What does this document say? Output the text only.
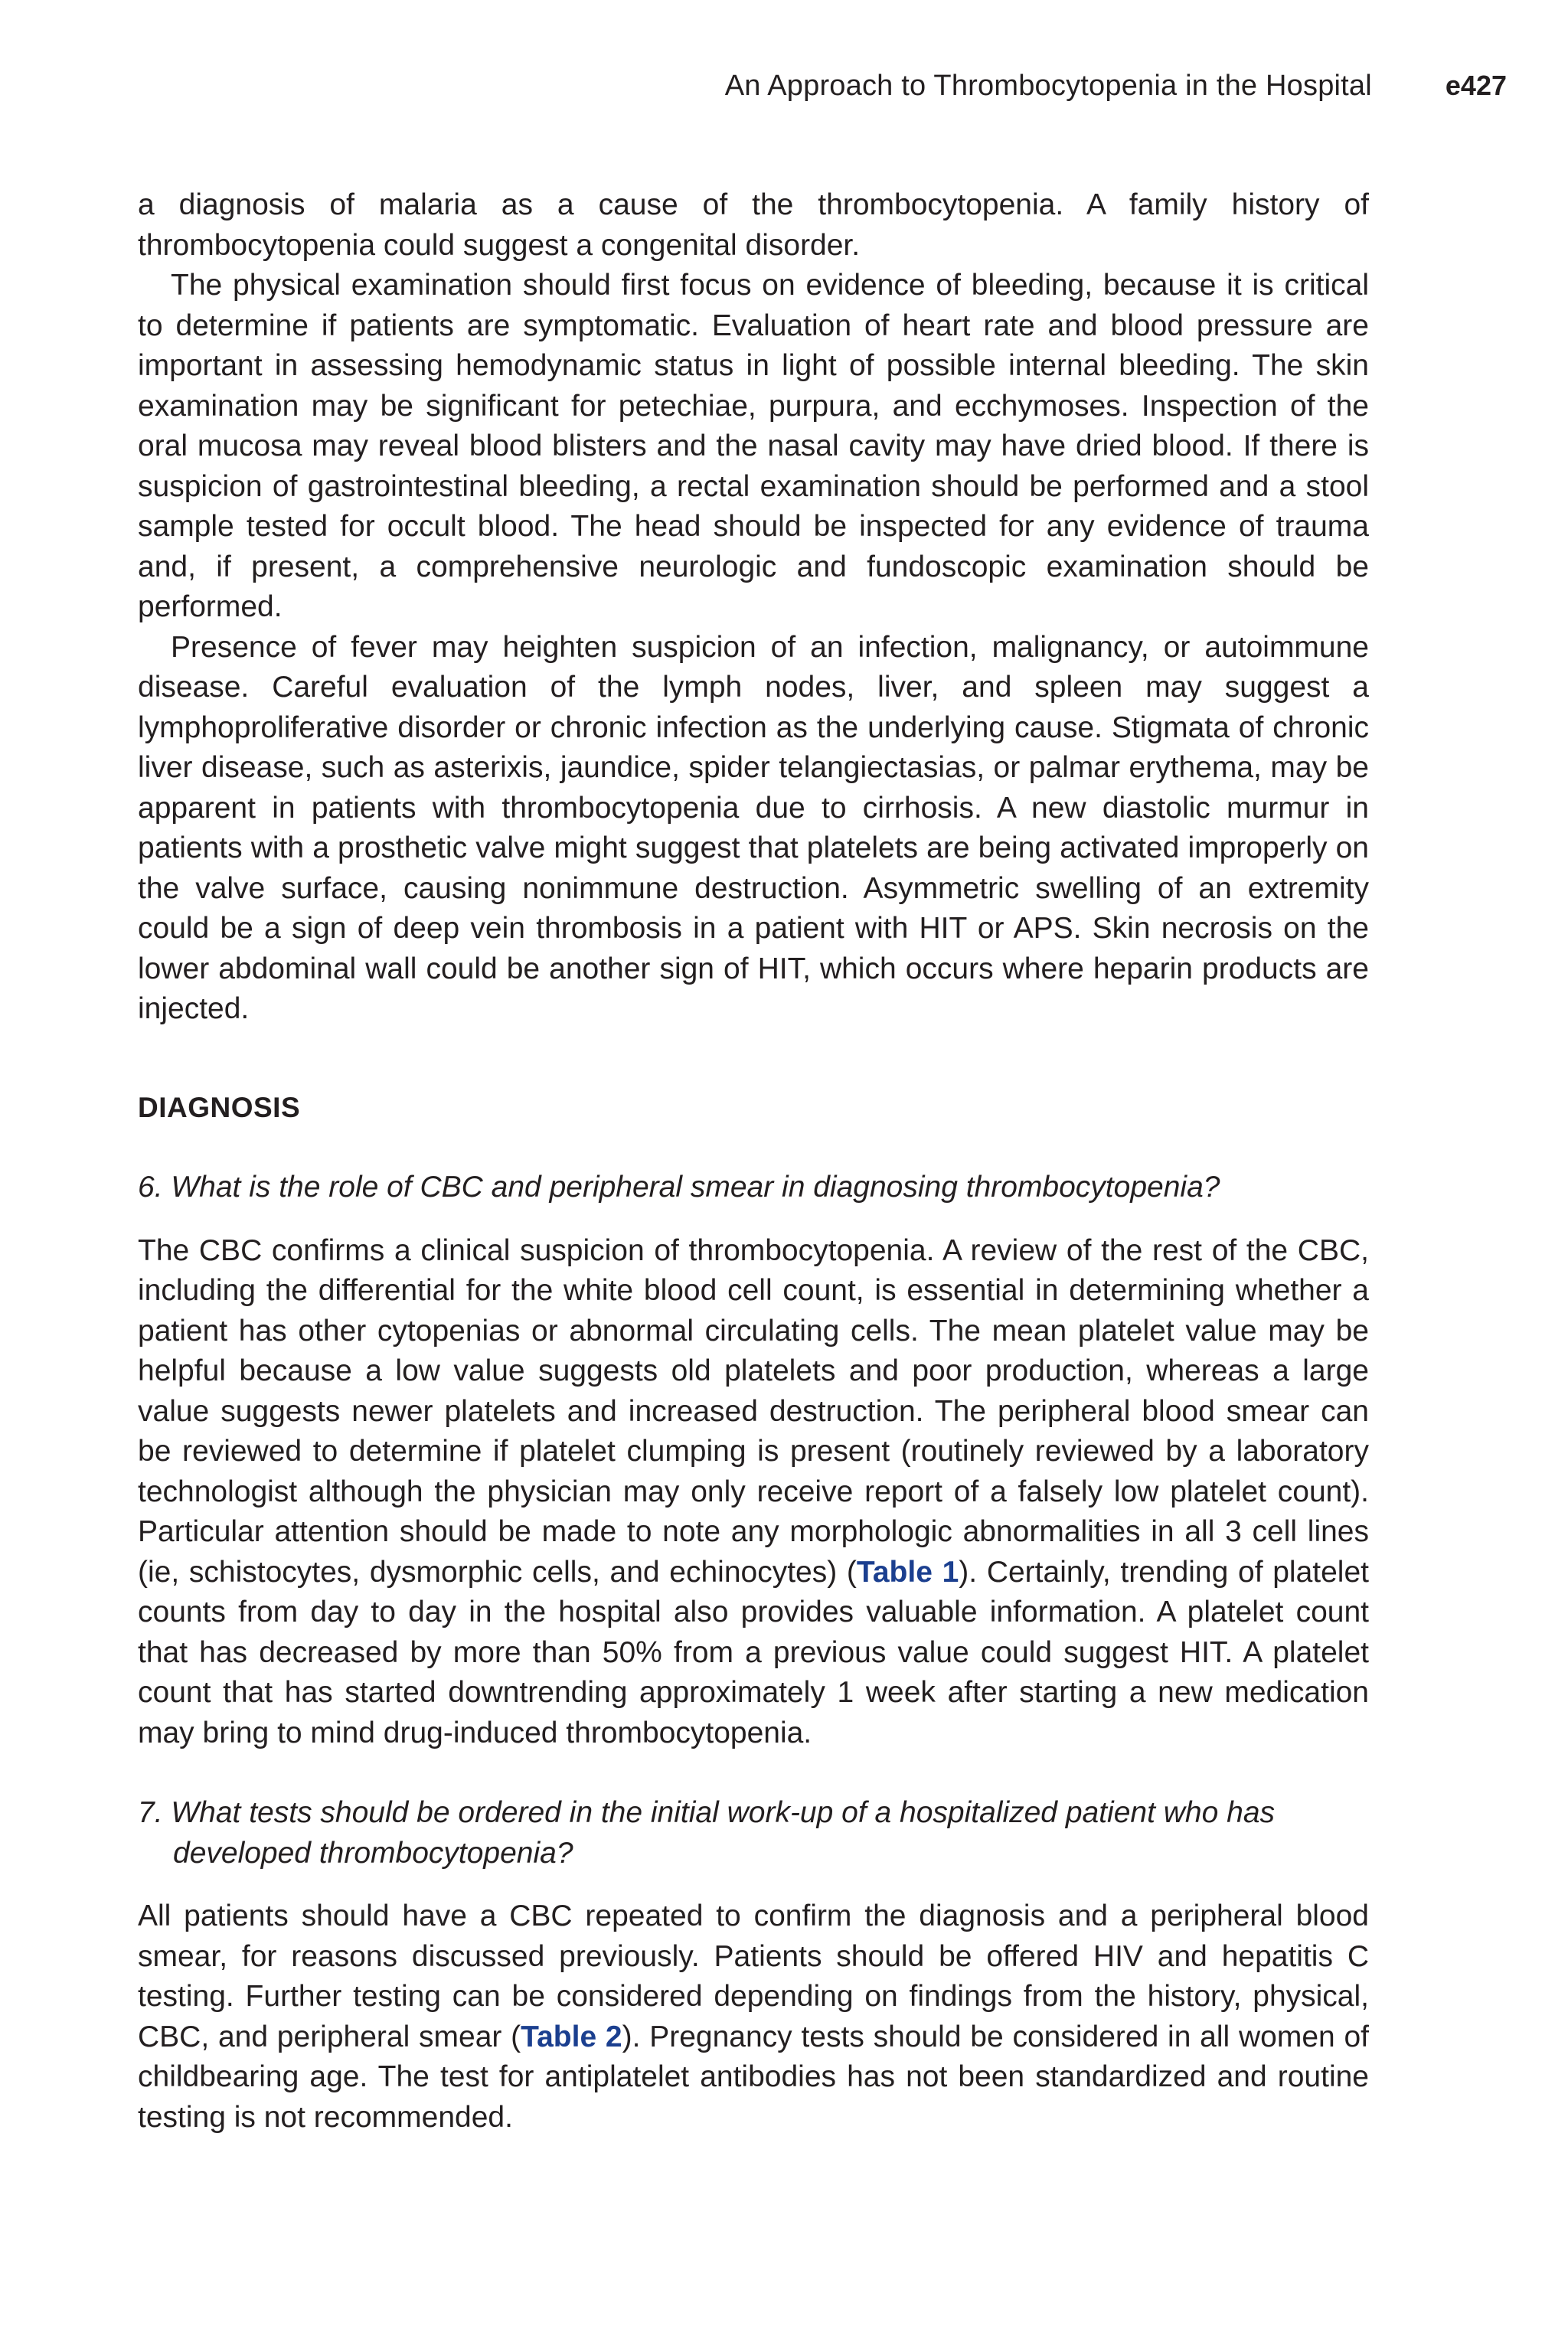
An Approach to Thrombocytopenia in the Hospital	e427

a diagnosis of malaria as a cause of the thrombocytopenia. A family history of thrombocytopenia could suggest a congenital disorder.

The physical examination should first focus on evidence of bleeding, because it is critical to determine if patients are symptomatic. Evaluation of heart rate and blood pressure are important in assessing hemodynamic status in light of possible internal bleeding. The skin examination may be significant for petechiae, purpura, and ecchymoses. Inspection of the oral mucosa may reveal blood blisters and the nasal cavity may have dried blood. If there is suspicion of gastrointestinal bleeding, a rectal examination should be performed and a stool sample tested for occult blood. The head should be inspected for any evidence of trauma and, if present, a comprehensive neurologic and fundoscopic examination should be performed.

Presence of fever may heighten suspicion of an infection, malignancy, or autoimmune disease. Careful evaluation of the lymph nodes, liver, and spleen may suggest a lymphoproliferative disorder or chronic infection as the underlying cause. Stigmata of chronic liver disease, such as asterixis, jaundice, spider telangiectasias, or palmar erythema, may be apparent in patients with thrombocytopenia due to cirrhosis. A new diastolic murmur in patients with a prosthetic valve might suggest that platelets are being activated improperly on the valve surface, causing nonimmune destruction. Asymmetric swelling of an extremity could be a sign of deep vein thrombosis in a patient with HIT or APS. Skin necrosis on the lower abdominal wall could be another sign of HIT, which occurs where heparin products are injected.

DIAGNOSIS

6. What is the role of CBC and peripheral smear in diagnosing thrombocytopenia?

The CBC confirms a clinical suspicion of thrombocytopenia. A review of the rest of the CBC, including the differential for the white blood cell count, is essential in determining whether a patient has other cytopenias or abnormal circulating cells. The mean platelet value may be helpful because a low value suggests old platelets and poor production, whereas a large value suggests newer platelets and increased destruction. The peripheral blood smear can be reviewed to determine if platelet clumping is present (routinely reviewed by a laboratory technologist although the physician may only receive report of a falsely low platelet count). Particular attention should be made to note any morphologic abnormalities in all 3 cell lines (ie, schistocytes, dysmorphic cells, and echinocytes) (Table 1). Certainly, trending of platelet counts from day to day in the hospital also provides valuable information. A platelet count that has decreased by more than 50% from a previous value could suggest HIT. A platelet count that has started downtrending approximately 1 week after starting a new medication may bring to mind drug-induced thrombocytopenia.

7. What tests should be ordered in the initial work-up of a hospitalized patient who has developed thrombocytopenia?

All patients should have a CBC repeated to confirm the diagnosis and a peripheral blood smear, for reasons discussed previously. Patients should be offered HIV and hepatitis C testing. Further testing can be considered depending on findings from the history, physical, CBC, and peripheral smear (Table 2). Pregnancy tests should be considered in all women of childbearing age. The test for antiplatelet antibodies has not been standardized and routine testing is not recommended.
